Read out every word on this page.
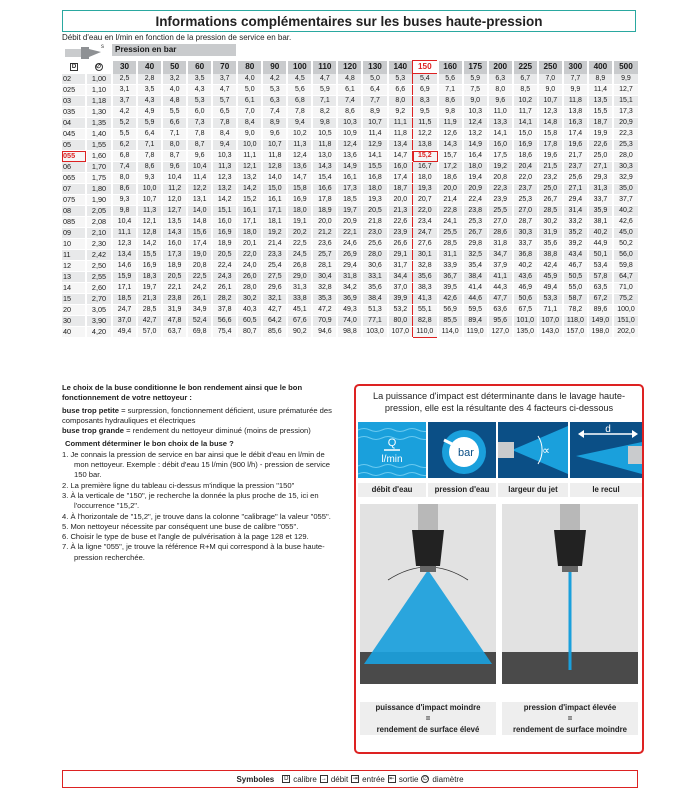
Informations complémentaires sur les buses haute-pression
Débit d'eau en l/min en fonction de la pression de service en bar.
s	Pression en bar
D	∅	30	40	50	60	70	80	90	100	110	120	130	140	150	160	175	200	225	250	300	400	500
02	1,00	2,5	2,8	3,2	3,5	3,7	4,0	4,2	4,5	4,7	4,8	5,0	5,3	5,4	5,6	5,9	6,3	6,7	7,0	7,7	8,9	9,9
025	1,10	3,1	3,5	4,0	4,3	4,7	5,0	5,3	5,6	5,9	6,1	6,4	6,6	6,9	7,1	7,5	8,0	8,5	9,0	9,9	11,4	12,7
03	1,18	3,7	4,3	4,8	5,3	5,7	6,1	6,3	6,8	7,1	7,4	7,7	8,0	8,3	8,6	9,0	9,6	10,2	10,7	11,8	13,5	15,1
035	1,30	4,2	4,9	5,5	6,0	6,5	7,0	7,4	7,8	8,2	8,6	8,9	9,2	9,5	9,8	10,3	11,0	11,7	12,3	13,8	15,5	17,3
04	1,35	5,2	5,9	6,6	7,3	7,8	8,4	8,9	9,4	9,8	10,3	10,7	11,1	11,5	11,9	12,4	13,3	14,1	14,8	16,3	18,7	20,9
045	1,40	5,5	6,4	7,1	7,8	8,4	9,0	9,6	10,2	10,5	10,9	11,4	11,8	12,2	12,6	13,2	14,1	15,0	15,8	17,4	19,9	22,3
05	1,55	6,2	7,1	8,0	8,7	9,4	10,0	10,7	11,3	11,8	12,4	12,9	13,4	13,8	14,3	14,9	16,0	16,9	17,8	19,6	22,6	25,3
055	1,60	6,8	7,8	8,7	9,6	10,3	11,1	11,8	12,4	13,0	13,6	14,1	14,7	15,2	15,7	16,4	17,5	18,6	19,6	21,7	25,0	28,0
06	1,70	7,4	8,6	9,6	10,4	11,3	12,1	12,8	13,6	14,3	14,9	15,5	16,0	16,7	17,2	18,0	19,2	20,4	21,5	23,7	27,1	30,3
065	1,75	8,0	9,3	10,4	11,4	12,3	13,2	14,0	14,7	15,4	16,1	16,8	17,4	18,0	18,6	19,4	20,8	22,0	23,2	25,6	29,3	32,9
07	1,80	8,6	10,0	11,2	12,2	13,2	14,2	15,0	15,8	16,6	17,3	18,0	18,7	19,3	20,0	20,9	22,3	23,7	25,0	27,1	31,3	35,0
075	1,90	9,3	10,7	12,0	13,1	14,2	15,2	16,1	16,9	17,8	18,5	19,3	20,0	20,7	21,4	22,4	23,9	25,3	26,7	29,4	33,7	37,7
08	2,05	9,8	11,3	12,7	14,0	15,1	16,1	17,1	18,0	18,9	19,7	20,5	21,3	22,0	22,8	23,8	25,5	27,0	28,5	31,4	35,9	40,2
085	2,08	10,4	12,1	13,5	14,8	16,0	17,1	18,1	19,1	20,0	20,9	21,8	22,6	23,4	24,1	25,3	27,0	28,7	30,2	33,2	38,1	42,6
09	2,10	11,1	12,8	14,3	15,6	16,9	18,0	19,2	20,2	21,2	22,1	23,0	23,9	24,7	25,5	26,7	28,6	30,3	31,9	35,2	40,2	45,0
10	2,30	12,3	14,2	16,0	17,4	18,9	20,1	21,4	22,5	23,6	24,6	25,6	26,6	27,6	28,5	29,8	31,8	33,7	35,6	39,2	44,9	50,2
11	2,42	13,4	15,5	17,3	19,0	20,5	22,0	23,3	24,5	25,7	26,9	28,0	29,1	30,1	31,1	32,5	34,7	36,8	38,8	43,4	50,1	56,0
12	2,50	14,6	16,9	18,9	20,8	22,4	24,0	25,4	26,8	28,1	29,4	30,6	31,7	32,8	33,9	35,4	37,9	40,2	42,4	46,7	53,4	59,8
13	2,55	15,9	18,3	20,5	22,5	24,3	26,0	27,5	29,0	30,4	31,8	33,1	34,4	35,6	36,7	38,4	41,1	43,6	45,9	50,5	57,8	64,7
14	2,60	17,1	19,7	22,1	24,2	26,1	28,0	29,6	31,3	32,8	34,2	35,6	37,0	38,3	39,5	41,4	44,3	46,9	49,4	55,0	63,5	71,0
15	2,70	18,5	21,3	23,8	26,1	28,2	30,2	32,1	33,8	35,3	36,9	38,4	39,9	41,3	42,6	44,6	47,7	50,6	53,3	58,7	67,2	75,2
20	3,05	24,7	28,5	31,9	34,9	37,8	40,3	42,7	45,1	47,2	49,3	51,3	53,2	55,1	56,9	59,5	63,6	67,5	71,1	78,2	89,6	100,0
30	3,90	37,0	42,7	47,8	52,4	56,6	60,5	64,2	67,6	70,9	74,0	77,1	80,0	82,8	85,5	89,4	95,6	101,0	107,0	118,0	149,0	151,0
40	4,20	49,4	57,0	63,7	69,8	75,4	80,7	85,6	90,2	94,6	98,8	103,0	107,0	110,0	114,0	119,0	127,0	135,0	143,0	157,0	198,0	202,0

Le choix de la buse conditionne le bon rendement ainsi que le bon fonctionnement de votre nettoyeur :

buse trop petite = surpression, fonctionnement déficient, usure prématurée des composants hydrauliques et électriques

buse trop grande = rendement du nettoyeur diminué (moins de pression)

Comment déterminer le bon choix de la buse ?

1. Je connais la pression de service en bar ainsi que le débit d'eau en l/min de mon nettoyeur. Exemple : débit d'eau 15 l/min (900 l/h) - pression de service 150 bar.
2. La première ligne du tableau ci-dessus m'indique la pression "150"
3. À la verticale de "150", je recherche la donnée la plus proche de 15, ici en l'occurrence "15,2".
4. À l'horizontale de "15,2", je trouve dans la colonne "calibrage" la valeur "055".
5. Mon nettoyeur nécessite par conséquent une buse de calibre "055".
6. Choisir le type de buse et l'angle de pulvérisation à la page 128 et 129.
7. À la ligne "055", je trouve la référence R+M qui correspond à la buse haute-pression recherchée.
La puissance d'impact est déterminante dans le lavage haute-pression, elle est la résultante des 4 facteurs ci-dessous
Q
l/min
bar	∝
d
débit d'eau	pression d'eau	largeur du jet	le recul
puissance d'impact moindre
=
rendement de surface élevé
pression d'impact élevée
=
rendement de surface moindre
Symboles	D calibre → débit ⇥ entrée ⇤ sortie ∅ diamètre
